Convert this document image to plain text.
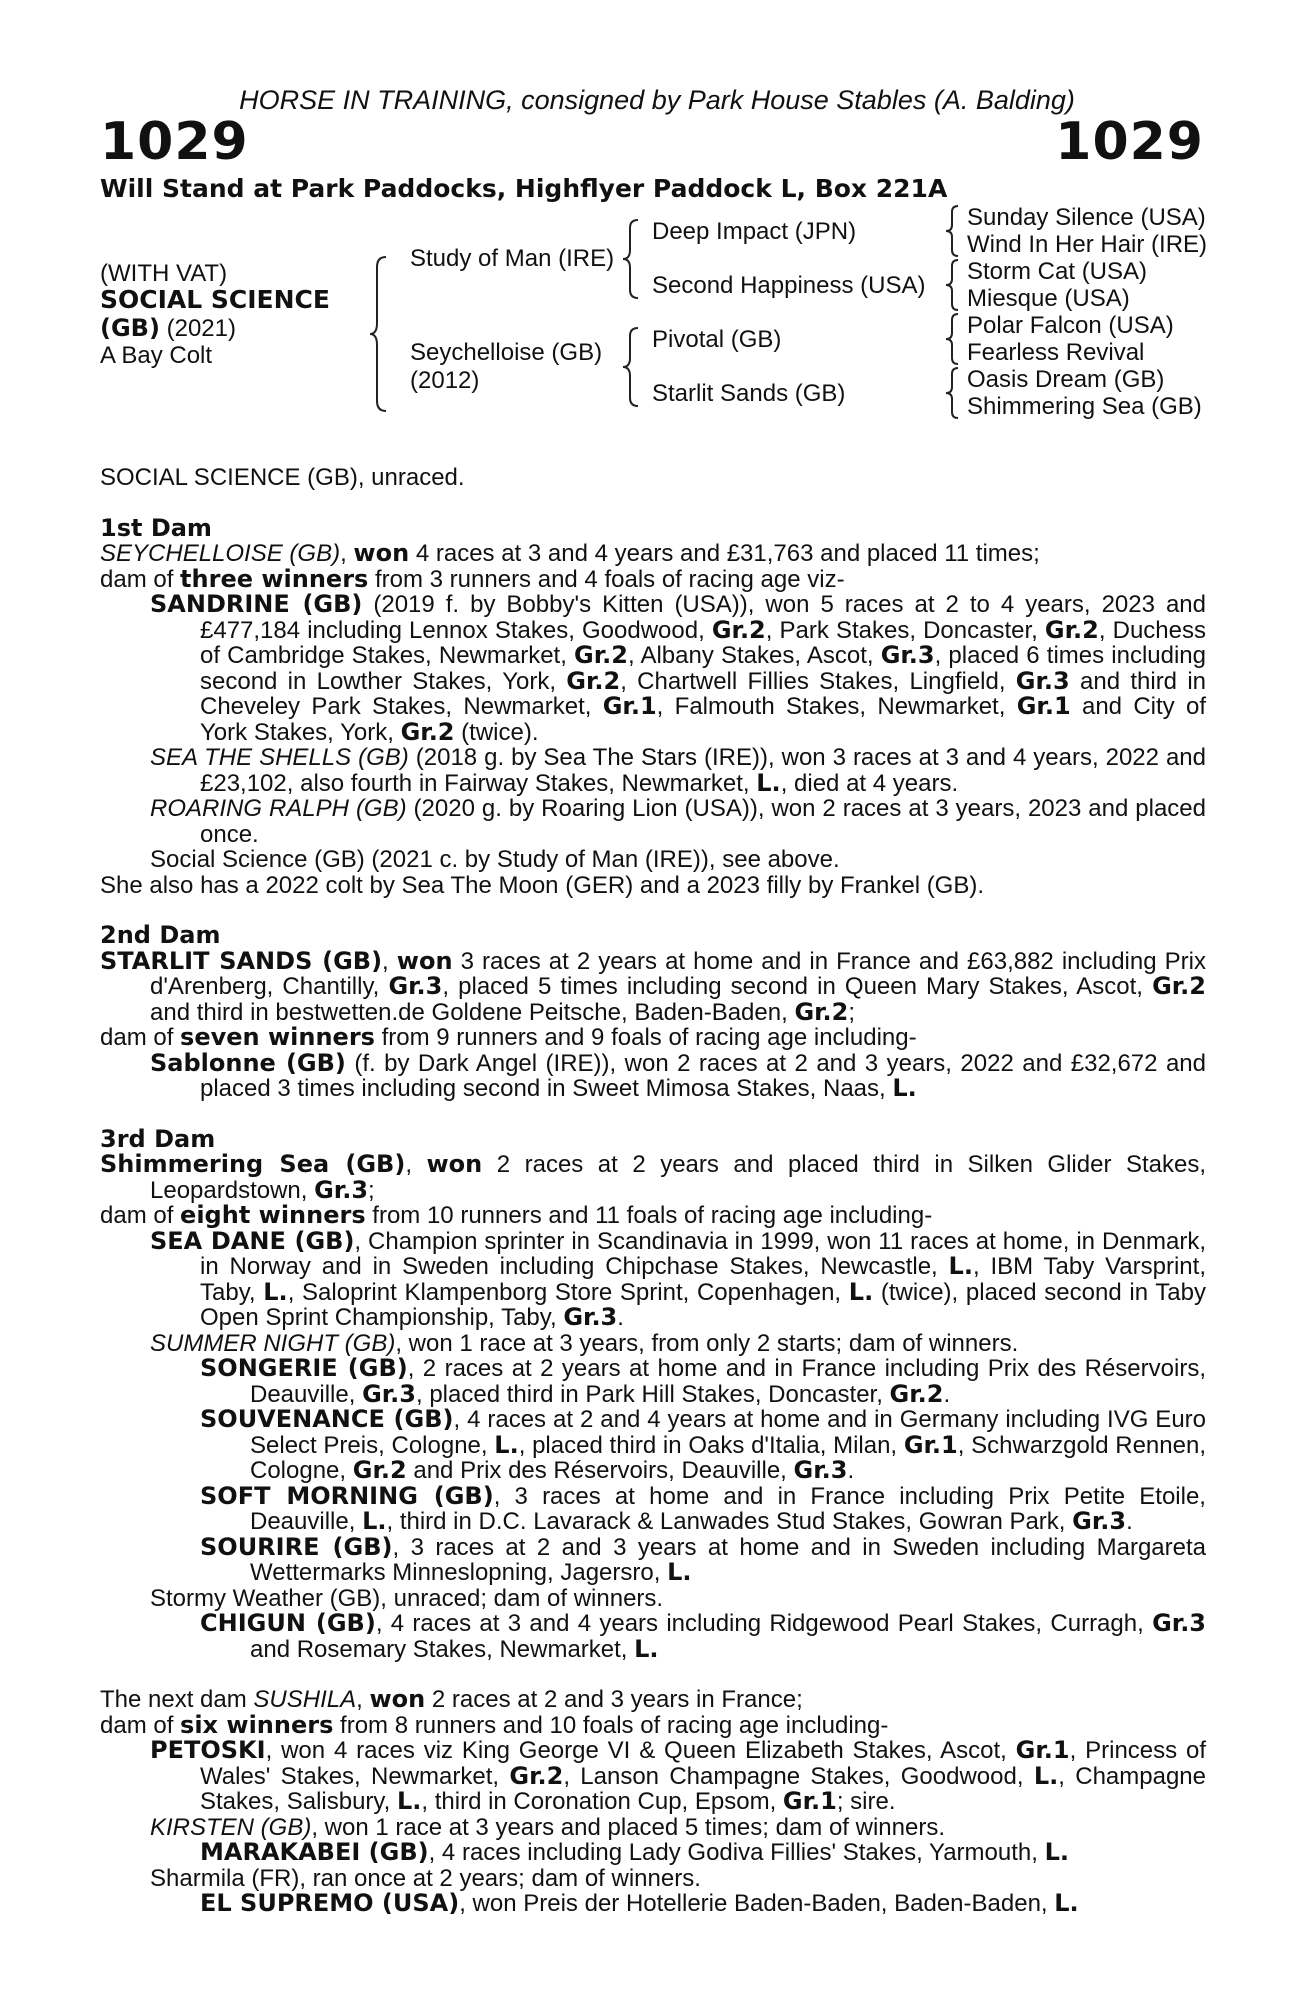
HORSE IN TRAINING, consigned by Park House Stables (A. Balding)
1029	1029
Will Stand at Park Paddocks, Highflyer Paddock L, Box 221A
(WITH VAT)
SOCIAL SCIENCE
(GB) (2021)
A Bay Colt
Study of Man (IRE)
Seychelloise (GB)
(2012)
Deep Impact (JPN)
Second Happiness (USA)
Pivotal (GB)
Starlit Sands (GB)
Sunday Silence (USA)
Wind In Her Hair (IRE)
Storm Cat (USA)
Miesque (USA)
Polar Falcon (USA)
Fearless Revival
Oasis Dream (GB)
Shimmering Sea (GB)

SOCIAL SCIENCE (GB), unraced.

1st Dam

SEYCHELLOISE (GB), won 4 races at 3 and 4 years and £31,763 and placed 11 times;

dam of three winners from 3 runners and 4 foals of racing age viz-

SANDRINE (GB) (2019 f. by Bobby's Kitten (USA)), won 5 races at 2 to 4 years, 2023 and £477,184 including Lennox Stakes, Goodwood, Gr.2, Park Stakes, Doncaster, Gr.2, Duchess of Cambridge Stakes, Newmarket, Gr.2, Albany Stakes, Ascot, Gr.3, placed 6 times including second in Lowther Stakes, York, Gr.2, Chartwell Fillies Stakes, Lingfield, Gr.3 and third in Cheveley Park Stakes, Newmarket, Gr.1, Falmouth Stakes, Newmarket, Gr.1 and City of York Stakes, York, Gr.2 (twice).

SEA THE SHELLS (GB) (2018 g. by Sea The Stars (IRE)), won 3 races at 3 and 4 years, 2022 and £23,102, also fourth in Fairway Stakes, Newmarket, L., died at 4 years.

ROARING RALPH (GB) (2020 g. by Roaring Lion (USA)), won 2 races at 3 years, 2023 and placed once.

Social Science (GB) (2021 c. by Study of Man (IRE)), see above.

She also has a 2022 colt by Sea The Moon (GER) and a 2023 filly by Frankel (GB).

2nd Dam

STARLIT SANDS (GB), won 3 races at 2 years at home and in France and £63,882 including Prix d'Arenberg, Chantilly, Gr.3, placed 5 times including second in Queen Mary Stakes, Ascot, Gr.2 and third in bestwetten.de Goldene Peitsche, Baden-Baden, Gr.2;

dam of seven winners from 9 runners and 9 foals of racing age including-

Sablonne (GB) (f. by Dark Angel (IRE)), won 2 races at 2 and 3 years, 2022 and £32,672 and placed 3 times including second in Sweet Mimosa Stakes, Naas, L.

3rd Dam

Shimmering Sea (GB), won 2 races at 2 years and placed third in Silken Glider Stakes, Leopardstown, Gr.3;

dam of eight winners from 10 runners and 11 foals of racing age including-

SEA DANE (GB), Champion sprinter in Scandinavia in 1999, won 11 races at home, in Denmark, in Norway and in Sweden including Chipchase Stakes, Newcastle, L., IBM Taby Varsprint, Taby, L., Saloprint Klampenborg Store Sprint, Copenhagen, L. (twice), placed second in Taby Open Sprint Championship, Taby, Gr.3.

SUMMER NIGHT (GB), won 1 race at 3 years, from only 2 starts; dam of winners.

SONGERIE (GB), 2 races at 2 years at home and in France including Prix des Réservoirs, Deauville, Gr.3, placed third in Park Hill Stakes, Doncaster, Gr.2.

SOUVENANCE (GB), 4 races at 2 and 4 years at home and in Germany including IVG Euro Select Preis, Cologne, L., placed third in Oaks d'Italia, Milan, Gr.1, Schwarzgold Rennen, Cologne, Gr.2 and Prix des Réservoirs, Deauville, Gr.3.

SOFT MORNING (GB), 3 races at home and in France including Prix Petite Etoile, Deauville, L., third in D.C. Lavarack & Lanwades Stud Stakes, Gowran Park, Gr.3.

SOURIRE (GB), 3 races at 2 and 3 years at home and in Sweden including Margareta Wettermarks Minneslopning, Jagersro, L.

Stormy Weather (GB), unraced; dam of winners.

CHIGUN (GB), 4 races at 3 and 4 years including Ridgewood Pearl Stakes, Curragh, Gr.3 and Rosemary Stakes, Newmarket, L.

The next dam SUSHILA, won 2 races at 2 and 3 years in France;

dam of six winners from 8 runners and 10 foals of racing age including-

PETOSKI, won 4 races viz King George VI & Queen Elizabeth Stakes, Ascot, Gr.1, Princess of Wales' Stakes, Newmarket, Gr.2, Lanson Champagne Stakes, Goodwood, L., Champagne Stakes, Salisbury, L., third in Coronation Cup, Epsom, Gr.1; sire.

KIRSTEN (GB), won 1 race at 3 years and placed 5 times; dam of winners.

MARAKABEI (GB), 4 races including Lady Godiva Fillies' Stakes, Yarmouth, L.

Sharmila (FR), ran once at 2 years; dam of winners.

EL SUPREMO (USA), won Preis der Hotellerie Baden-Baden, Baden-Baden, L.
